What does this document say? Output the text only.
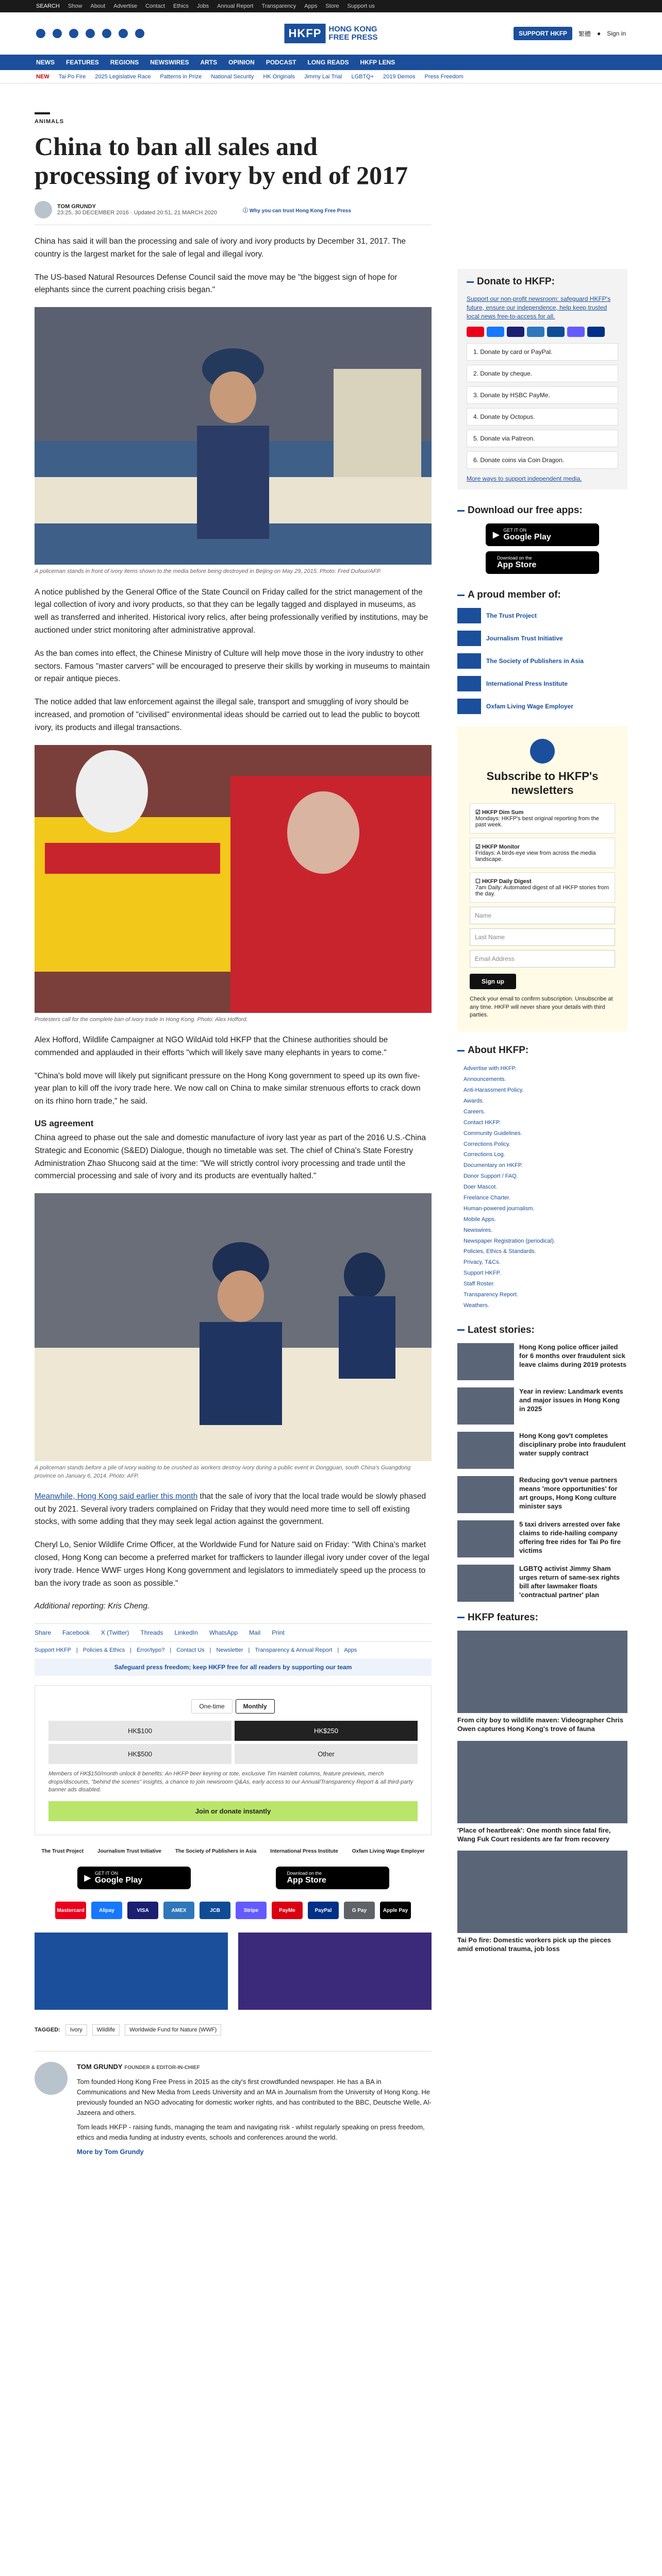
SEARCH Show About Advertise Contact Ethics Jobs Annual Report Transparency Apps Store Support us
HKFP HONG KONG
FREE PRESS	SUPPORT HKFP	繁體 ● Sign in
NEWS FEATURES REGIONS NEWSWIRES ARTS OPINION PODCAST LONG READS HKFP LENS
NEW Tai Po Fire 2025 Legislative Race Patterns in Prize National Security HK Originals Jimmy Lai Trial LGBTQ+ 2019 Demos Press Freedom
ANIMALS
China to ban all sales and processing of ivory by end of 2017
TOM GRUNDY
23:25, 30 DECEMBER 2016 · Updated 20:51, 21 MARCH 2020	ⓘ Why you can trust Hong Kong Free Press

China has said it will ban the processing and sale of ivory and ivory products by December 31, 2017. The country is the largest market for the sale of legal and illegal ivory.

The US-based Natural Resources Defense Council said the move may be "the biggest sign of hope for elephants since the current poaching crisis began."

A policeman stands in front of ivory items shown to the media before being destroyed in Beijing on May 29, 2015. Photo: Fred Dufour/AFP.

A notice published by the General Office of the State Council on Friday called for the strict management of the legal collection of ivory and ivory products, so that they can be legally tagged and displayed in museums, as well as transferred and inherited. Historical ivory relics, after being professionally verified by institutions, may be auctioned under strict monitoring after administrative approval.

As the ban comes into effect, the Chinese Ministry of Culture will help move those in the ivory industry to other sectors. Famous "master carvers" will be encouraged to preserve their skills by working in museums to maintain or repair antique pieces.

The notice added that law enforcement against the illegal sale, transport and smuggling of ivory should be increased, and promotion of "civilised" environmental ideas should be carried out to lead the public to boycott ivory, its products and illegal transactions.

Protesters call for the complete ban of ivory trade in Hong Kong. Photo: Alex Hofford.

Alex Hofford, Wildlife Campaigner at NGO WildAid told HKFP that the Chinese authorities should be commended and applauded in their efforts "which will likely save many elephants in years to come."

"China's bold move will likely put significant pressure on the Hong Kong government to speed up its own five-year plan to kill off the ivory trade here. We now call on China to make similar strenuous efforts to crack down on its rhino horn trade," he said.

US agreement

China agreed to phase out the sale and domestic manufacture of ivory last year as part of the 2016 U.S.-China Strategic and Economic (S&ED) Dialogue, though no timetable was set. The chief of China's State Forestry Administration Zhao Shucong said at the time: "We will strictly control ivory processing and trade until the commercial processing and sale of ivory and its products are eventually halted."

A policeman stands before a pile of ivory waiting to be crushed as workers destroy ivory during a public event in Dongguan, south China's Guangdong province on January 6, 2014. Photo: AFP.

Meanwhile, Hong Kong said earlier this month that the sale of ivory that the local trade would be slowly phased out by 2021. Several ivory traders complained on Friday that they would need more time to sell off existing stocks, with some adding that they may seek legal action against the government.

Cheryl Lo, Senior Wildlife Crime Officer, at the Worldwide Fund for Nature said on Friday: "With China's market closed, Hong Kong can become a preferred market for traffickers to launder illegal ivory under cover of the legal ivory trade. Hence WWF urges Hong Kong government and legislators to immediately speed up the process to ban the ivory trade as soon as possible."

Additional reporting: Kris Cheng.

Share Facebook X (Twitter) Threads LinkedIn WhatsApp Mail Print
Support HKFP | Policies & Ethics | Error/typo? | Contact Us | Newsletter | Transparency & Annual Report | Apps
Safeguard press freedom; keep HKFP free for all readers by supporting our team
One-time	Monthly
HK$100	HK$250
HK$500	Other
Members of HK$150/month unlock 8 benefits: An HKFP beer keyring or tote, exclusive Tim Hamlett columns, feature previews, merch drops/discounts, "behind the scenes" insights, a chance to join newsroom Q&As, early access to our Annual/Transparency Report & all third-party banner ads disabled.
Join or donate instantly
The Trust Project	Journalism Trust Initiative	The Society of Publishers in Asia	International Press Institute	Oxfam Living Wage Employer
▶
GET IT ON
Google Play
Download on the
App Store
Mastercard	Alipay	VISA	AMEX	JCB	Stripe	PayMe	PayPal	G Pay	Apple Pay
TAGGED:	Ivory	Wildlife	Worldwide Fund for Nature (WWF)
TOM GRUNDY FOUNDER & EDITOR-IN-CHIEF

Tom founded Hong Kong Free Press in 2015 as the city's first crowdfunded newspaper. He has a BA in Communications and New Media from Leeds University and an MA in Journalism from the University of Hong Kong. He previously founded an NGO advocating for domestic worker rights, and has contributed to the BBC, Deutsche Welle, Al-Jazeera and others.

Tom leads HKFP - raising funds, managing the team and navigating risk - whilst regularly speaking on press freedom, ethics and media funding at industry events, schools and conferences around the world.

More by Tom Grundy

Donate to HKFP:

Support our non-profit newsroom: safeguard HKFP's future, ensure our independence, help keep trusted local news free-to-access for all.

1. Donate by card or PayPal.
2. Donate by cheque.
3. Donate by HSBC PayMe.
4. Donate by Octopus.
5. Donate via Patreon.
6. Donate coins via Coin Dragon.

More ways to support independent media.

Download our free apps:
▶
GET IT ON
Google Play
Download on the
App Store
A proud member of:
The Trust Project
Journalism Trust Initiative
The Society of Publishers in Asia
International Press Institute
Oxfam Living Wage Employer
Subscribe to HKFP's newsletters
☑ HKFP Dim Sum
Mondays: HKFP's best original reporting from the past week.
☑ HKFP Monitor
Fridays: A birds-eye view from across the media landscape.
☐ HKFP Daily Digest
7am Daily: Automated digest of all HKFP stories from the day.
Name
Last Name
Email Address
Sign up

Check your email to confirm subscription. Unsubscribe at any time. HKFP will never share your details with third parties.

About HKFP:
Advertise with HKFP.
Announcements.
Anti-Harassment Policy.
Awards.
Careers.
Contact HKFP.
Community Guidelines.
Corrections Policy.
Corrections Log.
Documentary on HKFP.
Donor Support / FAQ.
Doer Mascot.
Freelance Charter.
Human-powered journalism.
Mobile Apps.
Newswires.
Newspaper Registration (periodical).
Policies, Ethics & Standards.
Privacy, T&Cs.
Support HKFP.
Staff Roster.
Transparency Report.
Weathers.
Latest stories:
Hong Kong police officer jailed for 6 months over fraudulent sick leave claims during 2019 protests
Year in review: Landmark events and major issues in Hong Kong in 2025
Hong Kong gov't completes disciplinary probe into fraudulent water supply contract
Reducing gov't venue partners means 'more opportunities' for art groups, Hong Kong culture minister says
5 taxi drivers arrested over fake claims to ride-hailing company offering free rides for Tai Po fire victims
LGBTQ activist Jimmy Sham urges return of same-sex rights bill after lawmaker floats 'contractual partner' plan
HKFP features:
From city boy to wildlife maven: Videographer Chris Owen captures Hong Kong's trove of fauna
'Place of heartbreak': One month since fatal fire, Wang Fuk Court residents are far from recovery
Tai Po fire: Domestic workers pick up the pieces amid emotional trauma, job loss
